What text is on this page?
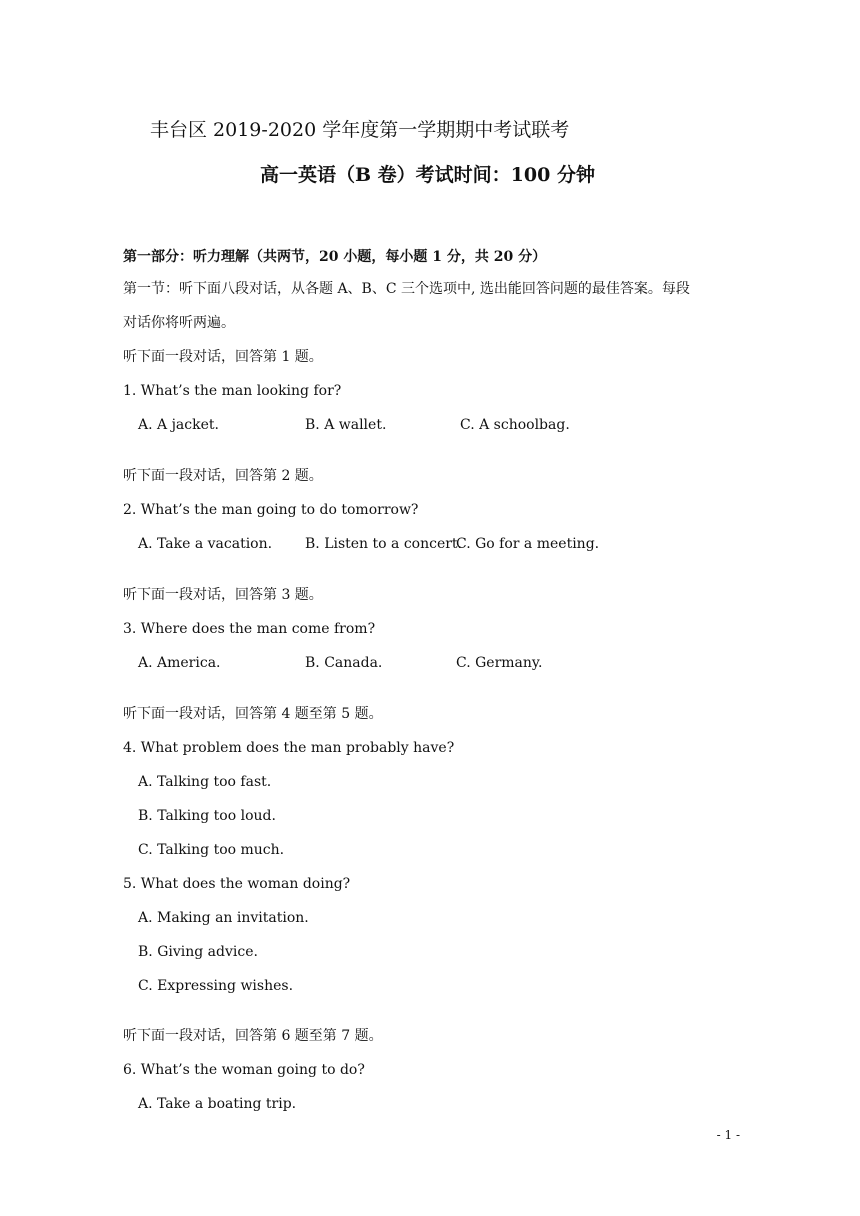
丰台区 2019-2020 学年度第一学期期中考试联考
高一英语（B 卷）考试时间：100 分钟
第一部分：听力理解（共两节，20 小题，每小题 1 分，共 20 分）
第一节：听下面八段对话，从各题 A、B、C 三个选项中, 选出能回答问题的最佳答案。每段
对话你将听两遍。
听下面一段对话，回答第 1 题。
1. What’s the man looking for?
A. A jacket.	B. A wallet.	C. A schoolbag.
听下面一段对话，回答第 2 题。
2. What’s the man going to do tomorrow?
A. Take a vacation. B. Listen to a concert.
C. Go for a meeting.
听下面一段对话，回答第 3 题。
3. Where does the man come from?
A. America.	B. Canada.	C. Germany.
听下面一段对话，回答第 4 题至第 5 题。
4. What problem does the man probably have?
A. Talking too fast.
B. Talking too loud.
C. Talking too much.
5. What does the woman doing?
A. Making an invitation.
B. Giving advice.
C. Expressing wishes.
听下面一段对话，回答第 6 题至第 7 题。
6. What’s the woman going to do?
A. Take a boating trip.
- 1 -
